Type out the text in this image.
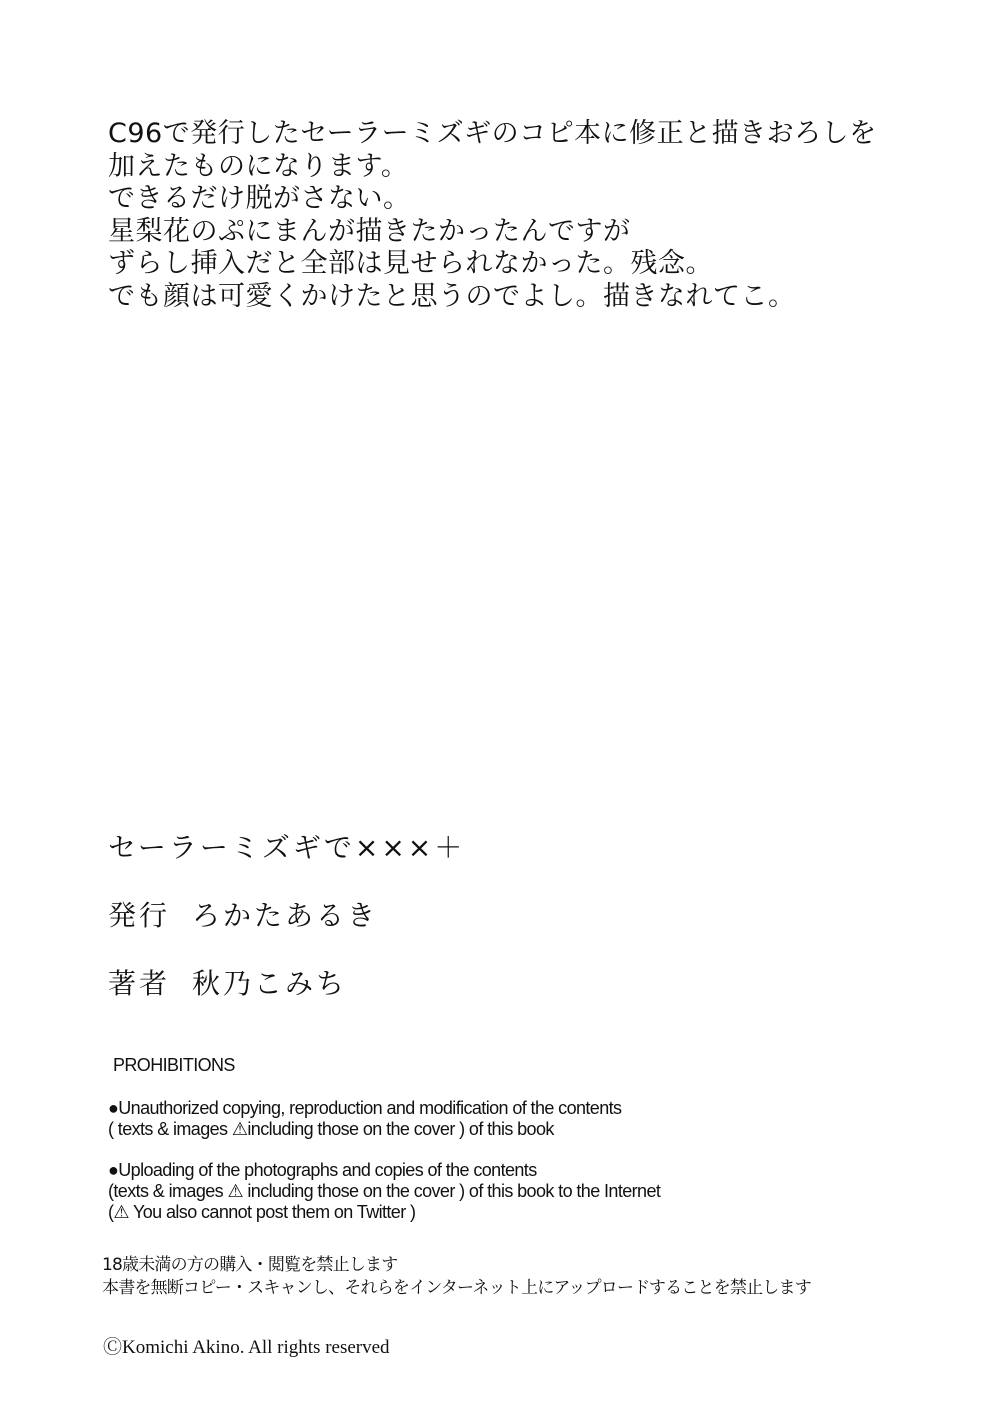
C96で発行したセーラーミズギのコピ本に修正と描きおろしを
加えたものになります。
できるだけ脱がさない。
星梨花のぷにまんが描きたかったんですが
ずらし挿入だと全部は見せられなかった。残念。
でも顔は可愛くかけたと思うのでよし。描きなれてこ。
セーラーミズギで×××＋
発行 ろかたあるき
著者 秋乃こみち
PROHIBITIONS
●Unauthorized copying, reproduction and modification of the contents
( texts & images ⚠including those on the cover ) of this book
●Uploading of the photographs and copies of the contents
(texts & images ⚠ including those on the cover ) of this book to the Internet
(⚠ You also cannot post them on Twitter )
18歳未満の方の購入・閲覧を禁止します
本書を無断コピー・スキャンし、それらをインターネット上にアップロードすることを禁止します
ⒸKomichi Akino. All rights reserved
